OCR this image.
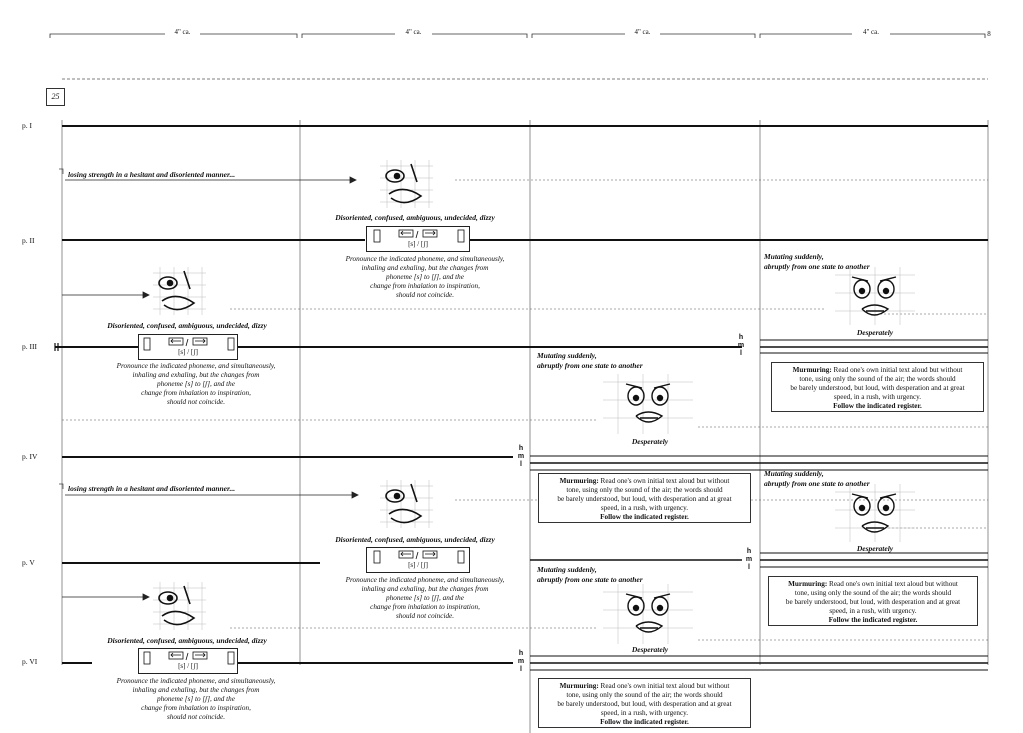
4" ca.	4" ca.	4" ca.	4" ca.	8
25
p. I
p. II
p. III
p. IV
p. V
p. VI
losing strength in a hesitant and disoriented manner...
losing strength in a hesitant and disoriented manner...
Disoriented, confused, ambiguous, undecided, dizzy
[s] / [ʃ]
Pronounce the indicated phoneme, and simultaneously,
inhaling and exhaling, but the changes from
phoneme [s] to [ʃ], and the
change from inhalation to inspiration,
should not coincide.
Disoriented, confused, ambiguous, undecided, dizzy
[s] / [ʃ]
Pronounce the indicated phoneme, and simultaneously,
inhaling and exhaling, but the changes from
phoneme [s] to [ʃ], and the
change from inhalation to inspiration,
should not coincide.
Disoriented, confused, ambiguous, undecided, dizzy
[s] / [ʃ]
Pronounce the indicated phoneme, and simultaneously,
inhaling and exhaling, but the changes from
phoneme [s] to [ʃ], and the
change from inhalation to inspiration,
should not coincide.
Disoriented, confused, ambiguous, undecided, dizzy
[s] / [ʃ]
Pronounce the indicated phoneme, and simultaneously,
inhaling and exhaling, but the changes from
phoneme [s] to [ʃ], and the
change from inhalation to inspiration,
should not coincide.
Mutating suddenly,
abruptly from one state to another
Desperately
Mutating suddenly,
abruptly from one state to another
Desperately
Mutating suddenly,
abruptly from one state to another
Desperately
Mutating suddenly,
abruptly from one state to another
Desperately
h
m
l
h
m
l
h
m
l
h
m
l
Murmuring: Read one's own initial text aloud but without
tone, using only the sound of the air; the words should
be barely understood, but loud, with desperation and at great
speed, in a rush, with urgency.
Follow the indicated register.
Murmuring: Read one's own initial text aloud but without
tone, using only the sound of the air; the words should
be barely understood, but loud, with desperation and at great
speed, in a rush, with urgency.
Follow the indicated register.
Murmuring: Read one's own initial text aloud but without
tone, using only the sound of the air; the words should
be barely understood, but loud, with desperation and at great
speed, in a rush, with urgency.
Follow the indicated register.
Murmuring: Read one's own initial text aloud but without
tone, using only the sound of the air; the words should
be barely understood, but loud, with desperation and at great
speed, in a rush, with urgency.
Follow the indicated register.
